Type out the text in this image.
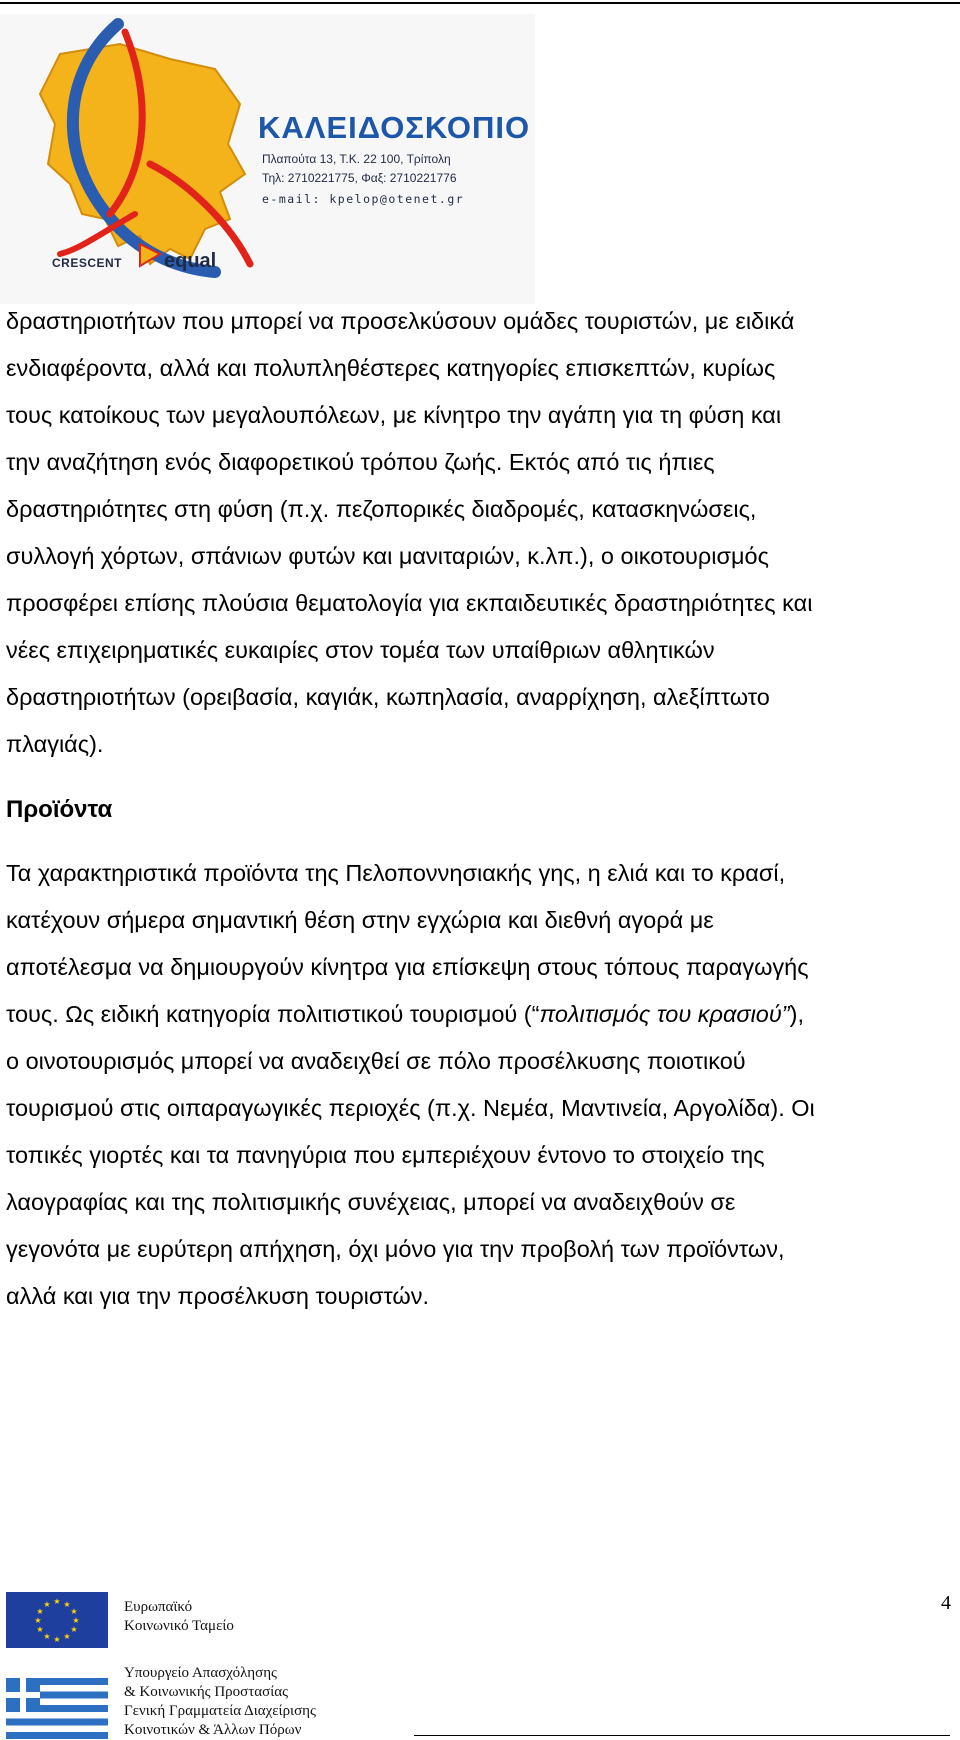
ΚΑΛΕΙΔΟΣΚΟΠΙΟ
Πλαπούτα 13, Τ.Κ. 22 100, Τρίπολη
Τηλ: 2710221775, Φαξ: 2710221776
e-mail: kpelop@otenet.gr
CRESCENT equal
δραστηριοτήτων που μπορεί να προσελκύσουν ομάδες τουριστών, με ειδικά
ενδιαφέροντα, αλλά και πολυπληθέστερες κατηγορίες επισκεπτών, κυρίως
τους κατοίκους των μεγαλουπόλεων, με κίνητρο την αγάπη για τη φύση και
την αναζήτηση ενός διαφορετικού τρόπου ζωής. Εκτός από τις ήπιες
δραστηριότητες στη φύση (π.χ. πεζοπορικές διαδρομές, κατασκηνώσεις,
συλλογή χόρτων, σπάνιων φυτών και μανιταριών, κ.λπ.), ο οικοτουρισμός
προσφέρει επίσης πλούσια θεματολογία για εκπαιδευτικές δραστηριότητες και
νέες επιχειρηματικές ευκαιρίες στον τομέα των υπαίθριων αθλητικών
δραστηριοτήτων (ορειβασία, καγιάκ, κωπηλασία, αναρρίχηση, αλεξίπτωτο
πλαγιάς).
Προϊόντα
Τα χαρακτηριστικά προϊόντα της Πελοποννησιακής γης, η ελιά και το κρασί,
κατέχουν σήμερα σημαντική θέση στην εγχώρια και διεθνή αγορά με
αποτέλεσμα να δημιουργούν κίνητρα για επίσκεψη στους τόπους παραγωγής
τους. Ως ειδική κατηγορία πολιτιστικού τουρισμού (“πολιτισμός του κρασιού”),
ο οινοτουρισμός μπορεί να αναδειχθεί σε πόλο προσέλκυσης ποιοτικού
τουρισμού στις οιπαραγωγικές περιοχές (π.χ. Νεμέα, Μαντινεία, Αργολίδα). Οι
τοπικές γιορτές και τα πανηγύρια που εμπεριέχουν έντονο το στοιχείο της
λαογραφίας και της πολιτισμικής συνέχειας, μπορεί να αναδειχθούν σε
γεγονότα με ευρύτερη απήχηση, όχι μόνο για την προβολή των προϊόντων,
αλλά και για την προσέλκυση τουριστών.
4
★ ★
★
★
★
★
★
★
★
★
★
★	Ευρωπαϊκό
Κοινωνικό Ταμείο
Υπουργείο Απασχόλησης
& Κοινωνικής Προστασίας
Γενική Γραμματεία Διαχείρισης
Κοινοτικών & Άλλων Πόρων
